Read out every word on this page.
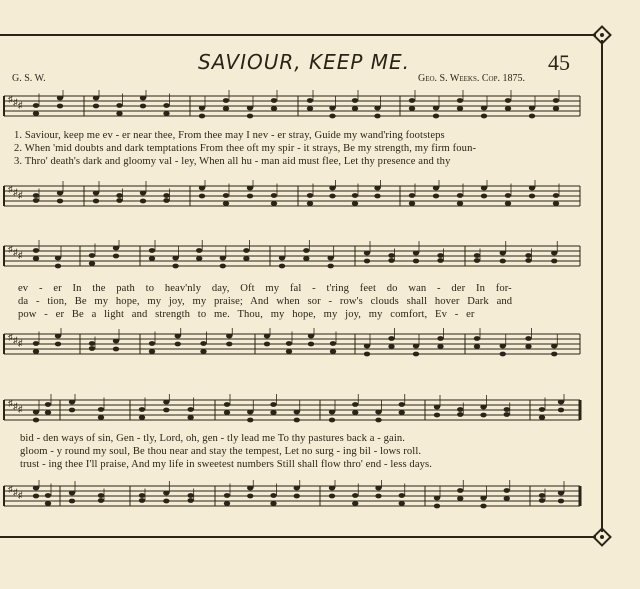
SAVIOUR, KEEP ME.	45
G. S. W.	Geo. S. Weeks. Cop. 1875.
♯ ♯ ♯
♯ ♯ ♯
♯ ♯ ♯
♯ ♯ ♯
♯ ♯ ♯
♯ ♯ ♯
1. Saviour, keep me ev - er near thee, From thee may I nev - er stray, Guide my wand'ring footsteps
2. When 'mid doubts and dark temptations From thee oft my spir - it strays, Be my strength, my firm foun-
3. Thro' death's dark and gloomy val - ley, When all hu - man aid must flee, Let thy presence and thy
ev - er In the path to heav'nly day, Oft my fal - t'ring feet do wan - der In for-
da - tion, Be my hope, my joy, my praise; And when sor - row's clouds shall hover Dark and
pow - er Be a light and strength to me. Thou, my hope, my joy, my comfort, Ev - er
bid - den ways of sin, Gen - tly, Lord, oh, gen - tly lead me To thy pastures back a - gain.
gloom - y round my soul, Be thou near and stay the tempest, Let no surg - ing bil - lows roll.
trust - ing thee I'll praise, And my life in sweetest numbers Still shall flow thro' end - less days.
